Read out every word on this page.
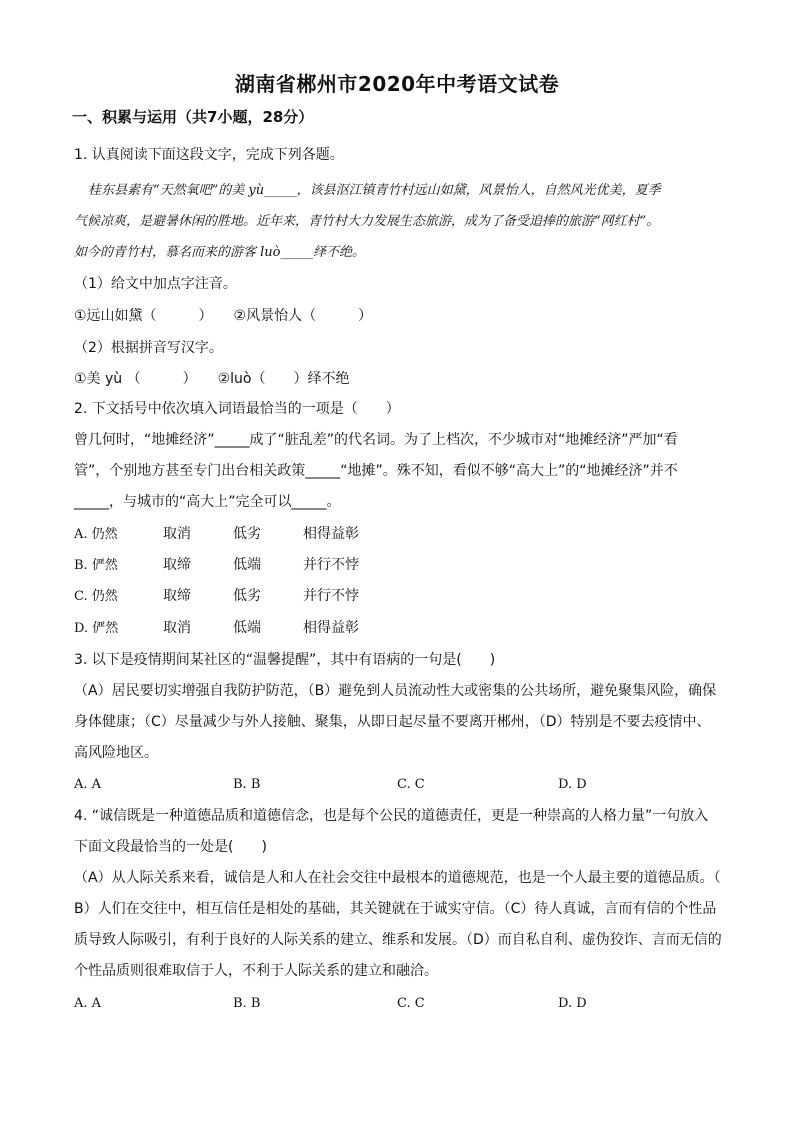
湖南省郴州市2020年中考语文试卷
一、积累与运用（共7小题，28分）
1. 认真阅读下面这段文字，完成下列各题。
桂东县素有“天然氧吧”的美 yù_____，该县沤江镇青竹村远山如黛，风景怡人，自然风光优美，夏季
气候凉爽，是避暑休闲的胜地。近年来，青竹村大力发展生态旅游，成为了备受追捧的旅游“网红村”。
如今的青竹村，慕名而来的游客 luò_____绎不绝。
（1）给文中加点字注音。
①远山如黛（　　　）　　②风景怡人（　　　）
（2）根据拼音写汉字。
①美 yù （　　　）　　②luò（　　）绎不绝
2. 下文括号中依次填入词语最恰当的一项是（　　）
曾几何时，“地摊经济”_____成了“脏乱差”的代名词。为了上档次，不少城市对“地摊经济”严加“看
管”，个别地方甚至专门出台相关政策_____“地摊”。殊不知，看似不够“高大上”的“地摊经济”并不
_____，与城市的“高大上”完全可以_____。
A. 仍然	取消	低劣	相得益彰
B. 俨然	取缔	低端	并行不悖
C. 仍然	取缔	低劣	并行不悖
D. 俨然	取消	低端	相得益彰
3. 以下是疫情期间某社区的“温馨提醒”，其中有语病的一句是(　　)
（A）居民要切实增强自我防护防范，（B）避免到人员流动性大或密集的公共场所，避免聚集风险，确保
身体健康；（C）尽量减少与外人接触、聚集，从即日起尽量不要离开郴州，（D）特别是不要去疫情中、
高风险地区。
A. A	B. B	C. C	D. D
4. “诚信既是一种道德品质和道德信念，也是每个公民的道德责任，更是一种崇高的人格力量”一句放入
下面文段最恰当的一处是(　　)
（A）从人际关系来看，诚信是人和人在社会交往中最根本的道德规范，也是一个人最主要的道德品质。（
B）人们在交往中，相互信任是相处的基础，其关键就在于诚实守信。（C）待人真诚，言而有信的个性品
质导致人际吸引，有利于良好的人际关系的建立、维系和发展。（D）而自私自利、虚伪狡诈、言而无信的
个性品质则很难取信于人，不利于人际关系的建立和融洽。
A. A	B. B	C. C	D. D
